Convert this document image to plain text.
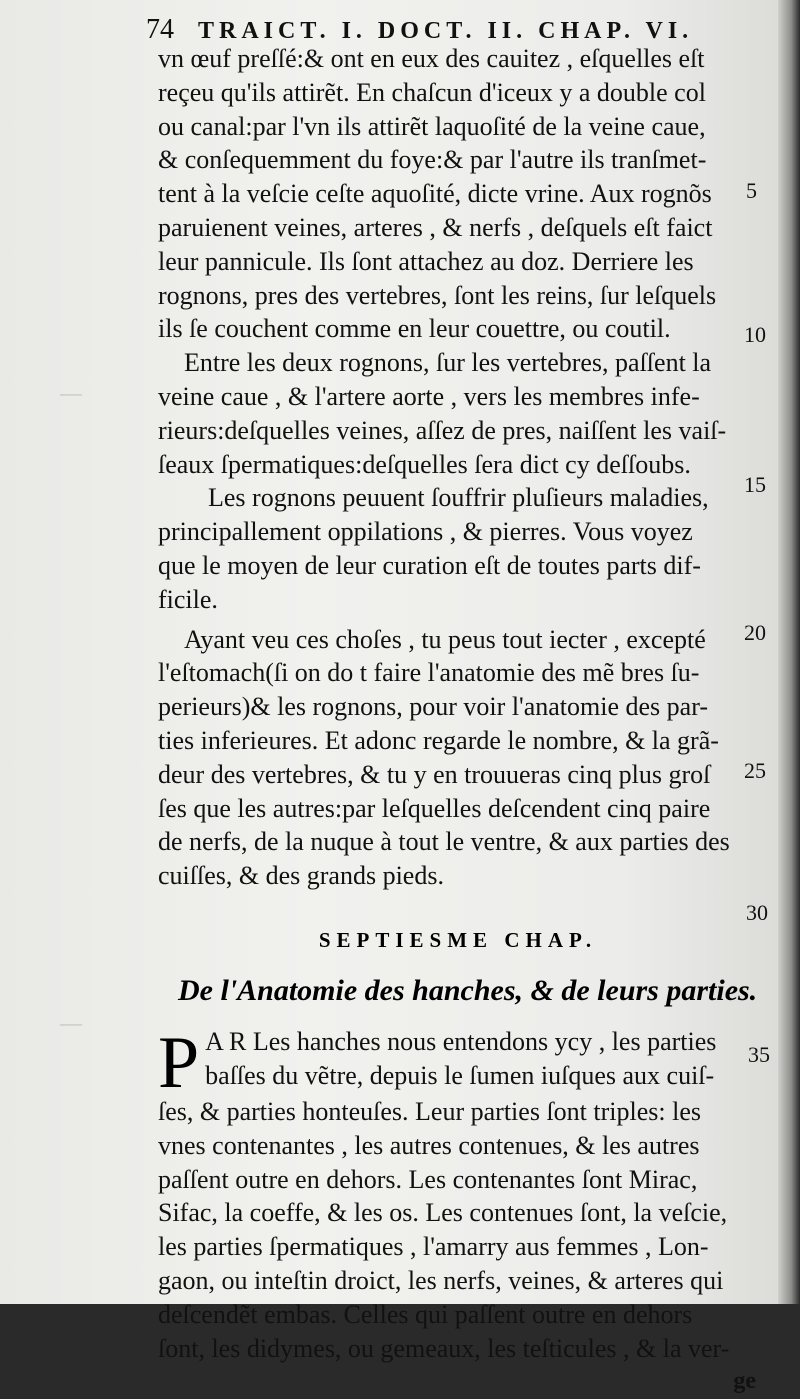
74 TRAICT. I. DOCT. II. CHAP. VI.
vn œuf preſſé:& ont en eux des cauitez , eſquelles eſt
reçeu qu'ils attirẽt. En chaſcun d'iceux y a double col
ou canal:par l'vn ils attirẽt laquoſité de la veine caue,
& conſequemment du foye:& par l'autre ils tranſmet-
tent à la veſcie ceſte aquoſité, dicte vrine. Aux rognõs
paruienent veines, arteres , & nerfs , deſquels eſt faict
leur pannicule. Ils ſont attachez au doz. Derriere les
rognons, pres des vertebres, ſont les reins, ſur leſquels
ils ſe couchent comme en leur couettre, ou coutil.
Entre les deux rognons, ſur les vertebres, paſſent la
veine caue , & l'artere aorte , vers les membres infe-
rieurs:deſquelles veines, aſſez de pres, naiſſent les vaiſ-
ſeaux ſpermatiques:deſquelles ſera dict cy deſſoubs.
Les rognons peuuent ſouffrir pluſieurs maladies,
principallement oppilations , & pierres. Vous voyez
que le moyen de leur curation eſt de toutes parts dif-
ficile.
Ayant veu ces choſes , tu peus tout iecter , excepté
l'eſtomach(ſi on do t faire l'anatomie des mẽ bres ſu-
perieurs)& les rognons, pour voir l'anatomie des par-
ties inferieures. Et adonc regarde le nombre, & la grã-
deur des vertebres, & tu y en trouueras cinq plus groſ
ſes que les autres:par leſquelles deſcendent cinq paire
de nerfs, de la nuque à tout le ventre, & aux parties des
cuiſſes, & des grands pieds.
SEPTIESME CHAP.
De l'Anatomie des hanches, & de leurs parties.
P A R Les hanches nous entendons ycy , les parties
baſſes du vẽtre, depuis le ſumen iuſques aux cuiſ-
ſes, & parties honteuſes. Leur parties ſont triples: les
vnes contenantes , les autres contenues, & les autres
paſſent outre en dehors. Les contenantes ſont Mirac,
Sifac, la coeffe, & les os. Les contenues ſont, la veſcie,
les parties ſpermatiques , l'amarry aus femmes , Lon-
gaon, ou inteſtin droict, les nerfs, veines, & arteres qui
deſcendẽt embas. Celles qui paſſent outre en dehors
ſont, les didymes, ou gemeaux, les teſticules , & la ver-
ge
5
10
15
20
25
30
35
—
—
